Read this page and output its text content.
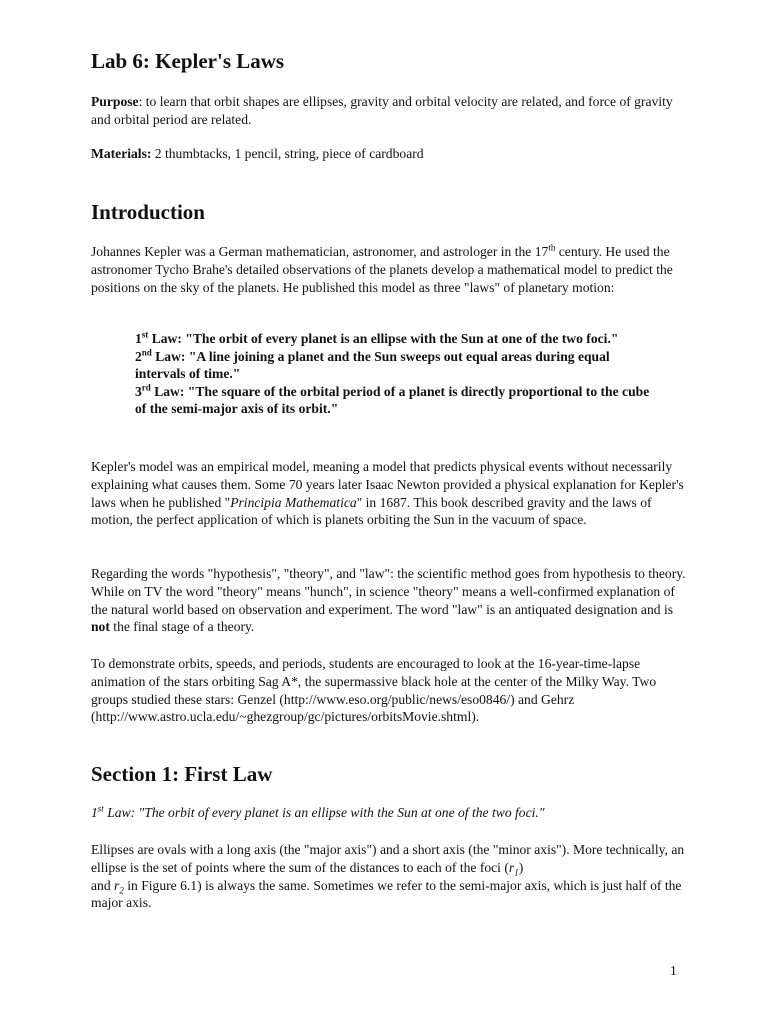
Lab 6: Kepler's Laws

Purpose: to learn that orbit shapes are ellipses, gravity and orbital velocity are related, and force of gravity and orbital period are related.

Materials: 2 thumbtacks, 1 pencil, string, piece of cardboard

Introduction

Johannes Kepler was a German mathematician, astronomer, and astrologer in the 17th century. He used the astronomer Tycho Brahe's detailed observations of the planets develop a mathematical model to predict the positions on the sky of the planets. He published this model as three "laws" of planetary motion:

1st Law: "The orbit of every planet is an ellipse with the Sun at one of the two foci."
2nd Law: "A line joining a planet and the Sun sweeps out equal areas during equal intervals of time."
3rd Law: "The square of the orbital period of a planet is directly proportional to the cube of the semi-major axis of its orbit."

Kepler's model was an empirical model, meaning a model that predicts physical events without necessarily explaining what causes them. Some 70 years later Isaac Newton provided a physical explanation for Kepler's laws when he published "Principia Mathematica" in 1687. This book described gravity and the laws of motion, the perfect application of which is planets orbiting the Sun in the vacuum of space.

Regarding the words "hypothesis", "theory", and "law": the scientific method goes from hypothesis to theory. While on TV the word "theory" means "hunch", in science "theory" means a well-confirmed explanation of the natural world based on observation and experiment. The word "law" is an antiquated designation and is not the final stage of a theory.

To demonstrate orbits, speeds, and periods, students are encouraged to look at the 16-year-time-lapse animation of the stars orbiting Sag A*, the supermassive black hole at the center of the Milky Way. Two groups studied these stars: Genzel (http://www.eso.org/public/news/eso0846/) and Gehrz (http://www.astro.ucla.edu/~ghezgroup/gc/pictures/orbitsMovie.shtml).

Section 1: First Law

1st Law: "The orbit of every planet is an ellipse with the Sun at one of the two foci."

Ellipses are ovals with a long axis (the "major axis") and a short axis (the "minor axis"). More technically, an ellipse is the set of points where the sum of the distances to each of the foci $(r_1)$
and $r_2$ in Figure 6.1) is always the same. Sometimes we refer to the semi-major axis, which is just half of the major axis.

1
